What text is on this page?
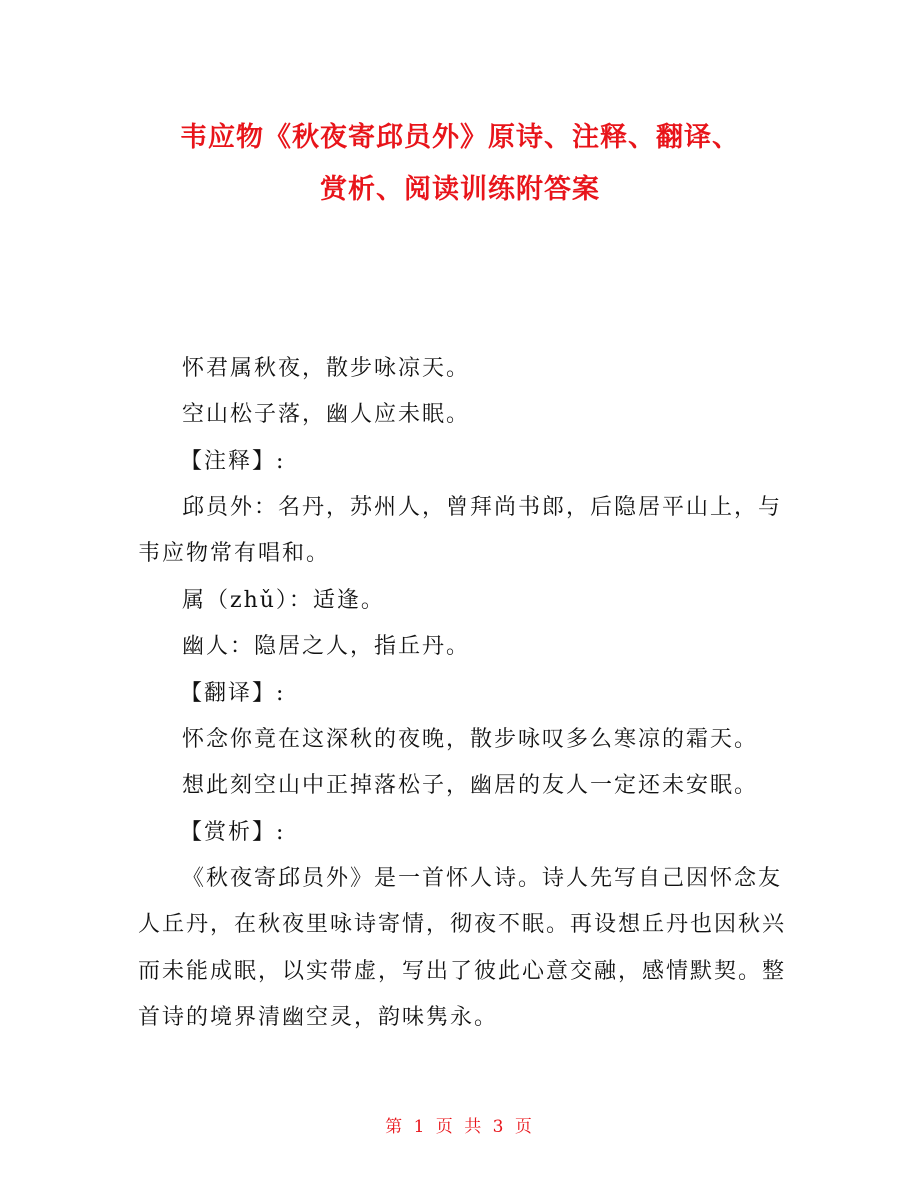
韦应物《秋夜寄邱员外》原诗、注释、翻译、
赏析、阅读训练附答案
怀君属秋夜，散步咏凉天。
空山松子落，幽人应未眠。
【注释】:
邱员外：名丹，苏州人，曾拜尚书郎，后隐居平山上，与
韦应物常有唱和。
属（zhǔ）：适逢。
幽人：隐居之人，指丘丹。
【翻译】:
怀念你竟在这深秋的夜晚，散步咏叹多么寒凉的霜天。
想此刻空山中正掉落松子，幽居的友人一定还未安眠。
【赏析】:
《秋夜寄邱员外》是一首怀人诗。诗人先写自己因怀念友
人丘丹，在秋夜里咏诗寄情，彻夜不眠。再设想丘丹也因秋兴
而未能成眠，以实带虚，写出了彼此心意交融，感情默契。整
首诗的境界清幽空灵，韵味隽永。
第 1 页 共 3 页
